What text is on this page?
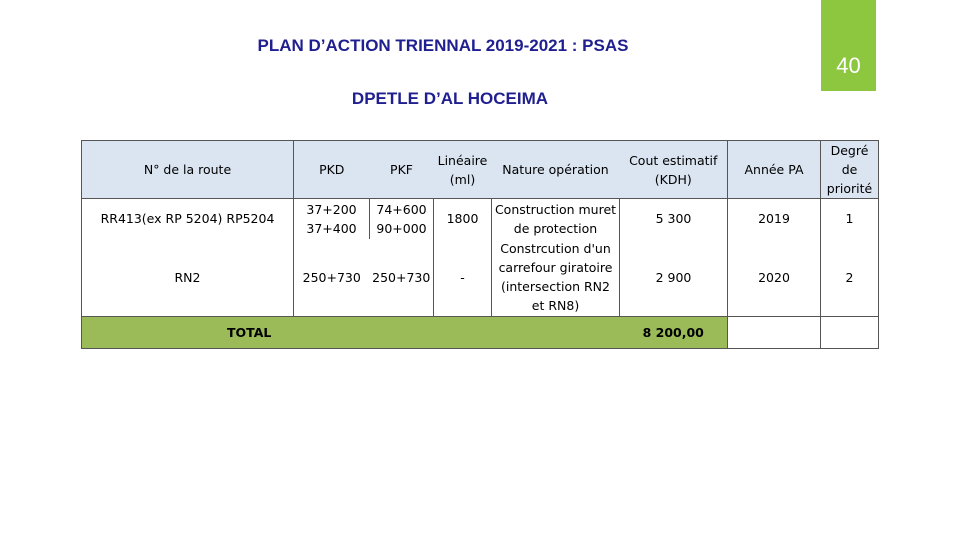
PLAN D’ACTION TRIENNAL 2019-2021 : PSAS
40
DPETLE D’AL HOCEIMA
N° de la route	PKD	PKF	Linéaire (ml)	Nature opération	Cout estimatif (KDH)	Année PA	Degré de priorité
RR413(ex RP 5204) RP5204	37+200 37+400	74+600 90+000	1800	Construction muret de protection	5 300	2019	1
RN2	250+730	250+730	-	Constrcution d'un carrefour giratoire (intersection RN2 et RN8)	2 900	2020	2
TOTAL					8 200,00		
